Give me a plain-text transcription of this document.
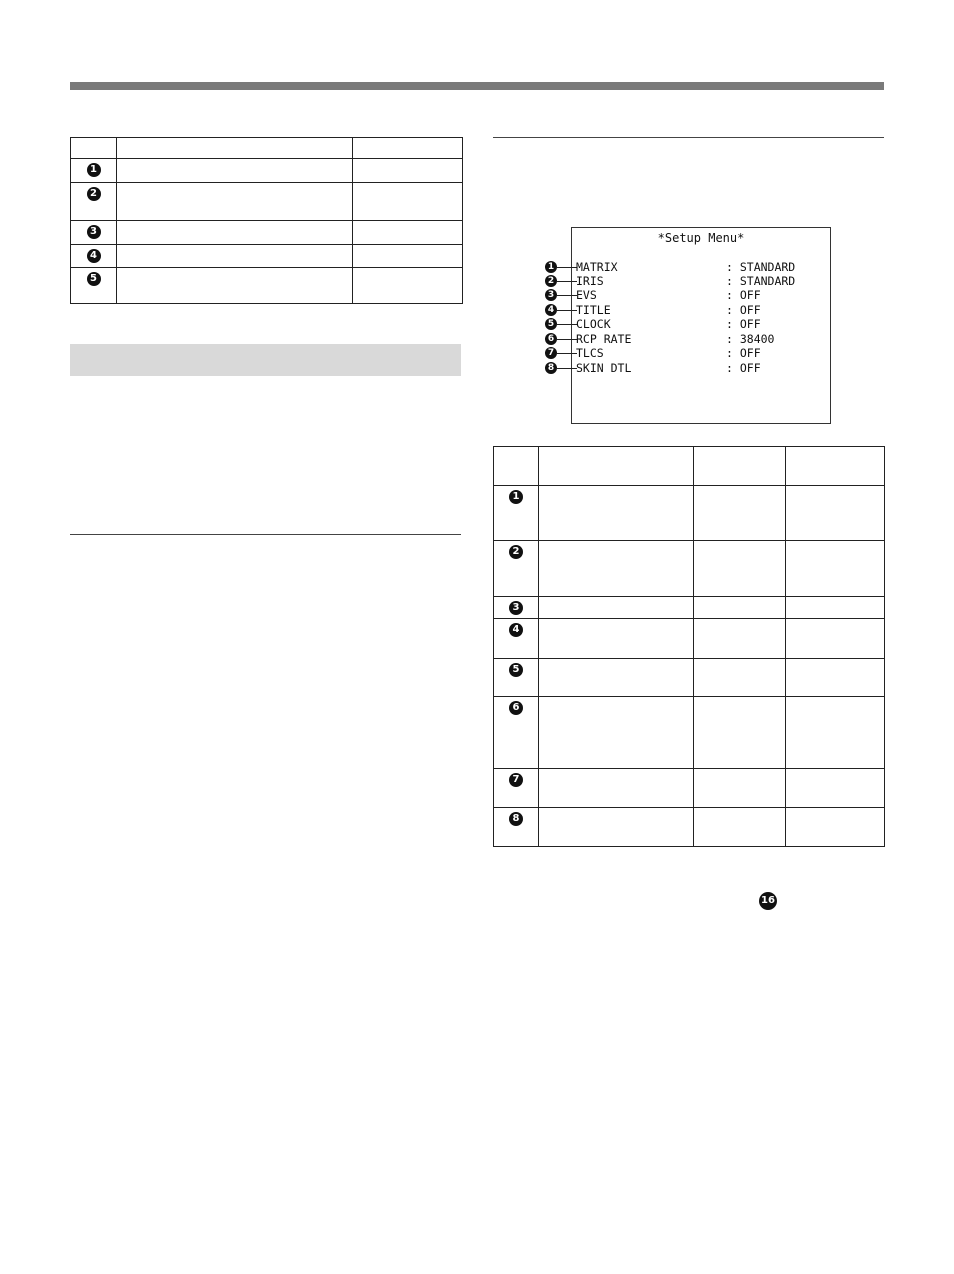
1		
2		
3		
4		
5		
*Setup Menu*
1 MATRIX	: STANDARD
2 IRIS	: STANDARD
3 EVS	: OFF
4 TITLE	: OFF
5 CLOCK	: OFF
6 RCP RATE	: 38400
7 TLCS	: OFF
8 SKIN DTL	: OFF

1			
2			
3			
4			
5			
6			
7			
8			
16
